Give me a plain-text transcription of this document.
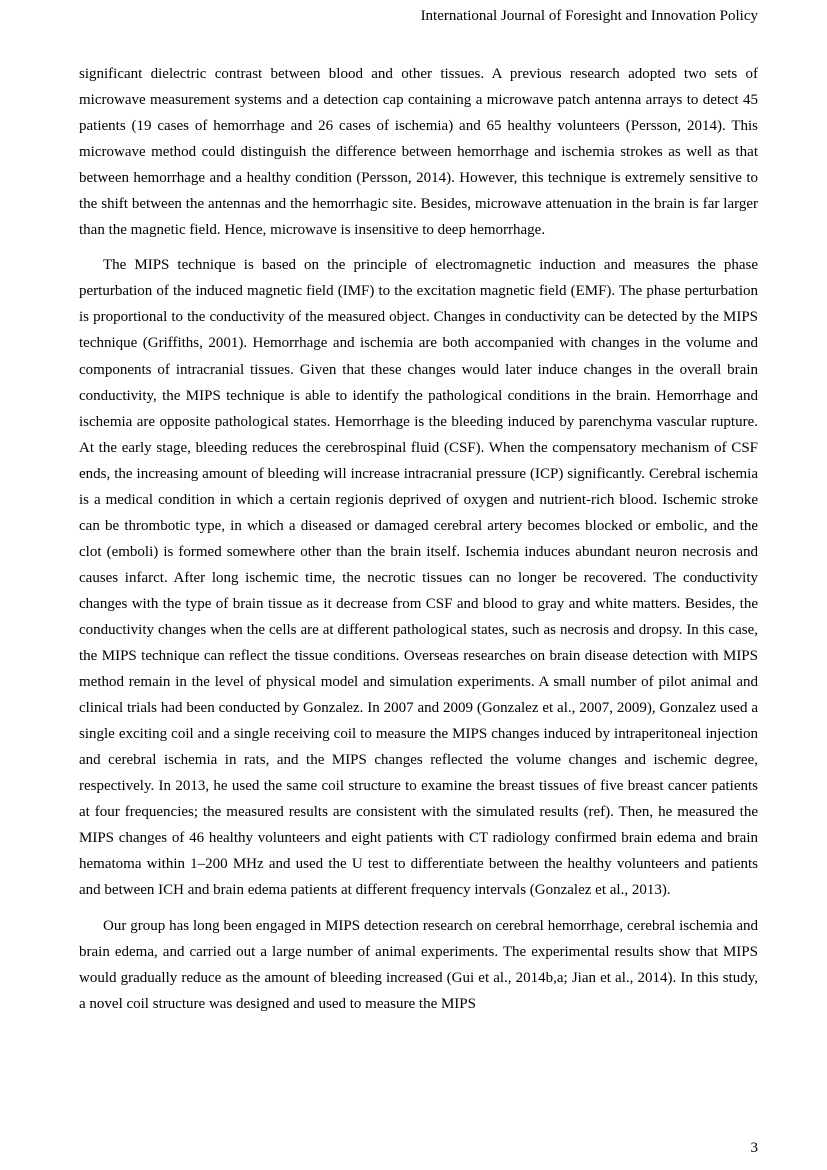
International Journal of Foresight and Innovation Policy

significant dielectric contrast between blood and other tissues. A previous research adopted two sets of microwave measurement systems and a detection cap containing a microwave patch antenna arrays to detect 45 patients (19 cases of hemorrhage and 26 cases of ischemia) and 65 healthy volunteers (Persson, 2014). This microwave method could distinguish the difference between hemorrhage and ischemia strokes as well as that between hemorrhage and a healthy condition (Persson, 2014). However, this technique is extremely sensitive to the shift between the antennas and the hemorrhagic site. Besides, microwave attenuation in the brain is far larger than the magnetic field. Hence, microwave is insensitive to deep hemorrhage.

The MIPS technique is based on the principle of electromagnetic induction and measures the phase perturbation of the induced magnetic field (IMF) to the excitation magnetic field (EMF). The phase perturbation is proportional to the conductivity of the measured object. Changes in conductivity can be detected by the MIPS technique (Griffiths, 2001). Hemorrhage and ischemia are both accompanied with changes in the volume and components of intracranial tissues. Given that these changes would later induce changes in the overall brain conductivity, the MIPS technique is able to identify the pathological conditions in the brain. Hemorrhage and ischemia are opposite pathological states. Hemorrhage is the bleeding induced by parenchyma vascular rupture. At the early stage, bleeding reduces the cerebrospinal fluid (CSF). When the compensatory mechanism of CSF ends, the increasing amount of bleeding will increase intracranial pressure (ICP) significantly. Cerebral ischemia is a medical condition in which a certain regionis deprived of oxygen and nutrient-rich blood. Ischemic stroke can be thrombotic type, in which a diseased or damaged cerebral artery becomes blocked or embolic, and the clot (emboli) is formed somewhere other than the brain itself. Ischemia induces abundant neuron necrosis and causes infarct. After long ischemic time, the necrotic tissues can no longer be recovered. The conductivity changes with the type of brain tissue as it decrease from CSF and blood to gray and white matters. Besides, the conductivity changes when the cells are at different pathological states, such as necrosis and dropsy. In this case, the MIPS technique can reflect the tissue conditions. Overseas researches on brain disease detection with MIPS method remain in the level of physical model and simulation experiments. A small number of pilot animal and clinical trials had been conducted by Gonzalez. In 2007 and 2009 (Gonzalez et al., 2007, 2009), Gonzalez used a single exciting coil and a single receiving coil to measure the MIPS changes induced by intraperitoneal injection and cerebral ischemia in rats, and the MIPS changes reflected the volume changes and ischemic degree, respectively. In 2013, he used the same coil structure to examine the breast tissues of five breast cancer patients at four frequencies; the measured results are consistent with the simulated results (ref). Then, he measured the MIPS changes of 46 healthy volunteers and eight patients with CT radiology confirmed brain edema and brain hematoma within 1–200 MHz and used the U test to differentiate between the healthy volunteers and patients and between ICH and brain edema patients at different frequency intervals (Gonzalez et al., 2013).

Our group has long been engaged in MIPS detection research on cerebral hemorrhage, cerebral ischemia and brain edema, and carried out a large number of animal experiments. The experimental results show that MIPS would gradually reduce as the amount of bleeding increased (Gui et al., 2014b,a; Jian et al., 2014). In this study, a novel coil structure was designed and used to measure the MIPS

3
